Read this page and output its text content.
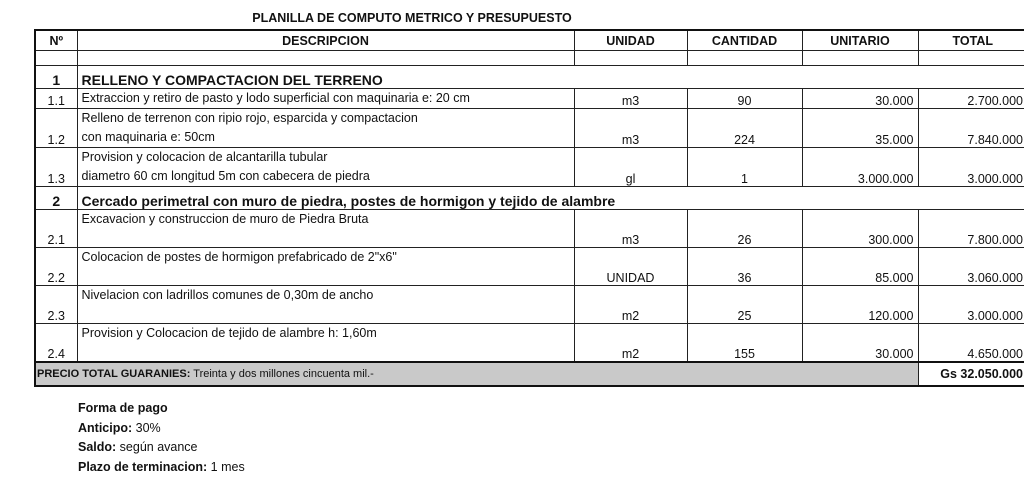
PLANILLA DE COMPUTO METRICO Y PRESUPUESTO
Nº	DESCRIPCION	UNIDAD	CANTIDAD	UNITARIO	TOTAL

1	RELLENO Y COMPACTACION DEL TERRENO				
1.1	Extraccion y retiro de pasto y lodo superficial con maquinaria e: 20 cm	m3	90	30.000	2.700.000
1.2	Relleno de terrenon con ripio rojo, esparcida y compactacion
con maquinaria e: 50cm	m3	224	35.000	7.840.000
1.3	Provision y colocacion de alcantarilla tubular
diametro 60 cm longitud 5m con cabecera de piedra	gl	1	3.000.000	3.000.000
2	Cercado perimetral con muro de piedra, postes de hormigon y tejido de alambre				
2.1	Excavacion y construccion de muro de Piedra Bruta	m3	26	300.000	7.800.000
2.2	Colocacion de postes de hormigon prefabricado de 2"x6"	UNIDAD	36	85.000	3.060.000
2.3	Nivelacion con ladrillos comunes de 0,30m de ancho	m2	25	120.000	3.000.000
2.4	Provision y Colocacion de tejido de alambre h: 1,60m	m2	155	30.000	4.650.000
PRECIO TOTAL GUARANIES: Treinta y dos millones cincuenta mil.-					Gs 32.050.000
Forma de pago
Anticipo: 30%
Saldo: según avance
Plazo de terminacion: 1 mes
